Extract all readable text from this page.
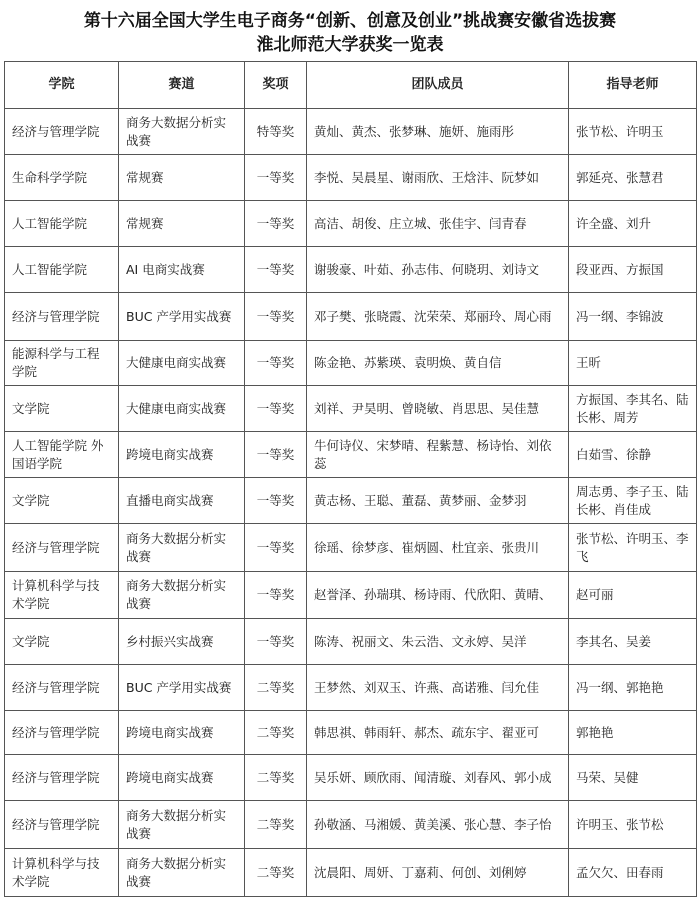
第十六届全国大学生电子商务“创新、创意及创业”挑战赛安徽省选拔赛
淮北师范大学获奖一览表
学院	赛道	奖项	团队成员	指导老师
经济与管理学院	商务大数据分析实战赛	特等奖	黄灿、黄杰、张梦琳、施妍、施雨彤	张节松、许明玉
生命科学学院	常规赛	一等奖	李悦、吴晨星、谢雨欣、王焓沣、阮梦如	郭延亮、张慧君
人工智能学院	常规赛	一等奖	高洁、胡俊、庄立城、张佳宇、闫青春	许全盛、刘升
人工智能学院	AI 电商实战赛	一等奖	谢骏豪、叶茹、孙志伟、何晓玥、刘诗文	段亚西、方振国
经济与管理学院	BUC 产学用实战赛	一等奖	邓子樊、张晓霞、沈荣荣、郑丽玲、周心雨	冯一纲、李锦波
能源科学与工程学院	大健康电商实战赛	一等奖	陈金艳、苏紫瑛、袁明焕、黄自信	王昕
文学院	大健康电商实战赛	一等奖	刘祥、尹昊明、曾晓敏、肖思思、吴佳慧	方振国、李其名、陆长彬、周芳
人工智能学院 外国语学院	跨境电商实战赛	一等奖	牛何诗仪、宋梦晴、程紫慧、杨诗怡、刘依蕊	白茹雪、徐静
文学院	直播电商实战赛	一等奖	黄志杨、王聪、董磊、黄梦丽、金梦羽	周志勇、李子玉、陆长彬、肖佳成
经济与管理学院	商务大数据分析实战赛	一等奖	徐瑶、徐梦彦、崔炳圆、杜宜亲、张贵川	张节松、许明玉、李飞
计算机科学与技术学院	商务大数据分析实战赛	一等奖	赵誉泽、孙瑞琪、杨诗雨、代欣阳、黄晴、	赵可丽
文学院	乡村振兴实战赛	一等奖	陈涛、祝丽文、朱云浩、文永婷、吴洋	李其名、吴姜
经济与管理学院	BUC 产学用实战赛	二等奖	王梦然、刘双玉、许燕、高诺雅、闫允佳	冯一纲、郭艳艳
经济与管理学院	跨境电商实战赛	二等奖	韩思祺、韩雨轩、郝杰、疏东宇、翟亚可	郭艳艳
经济与管理学院	跨境电商实战赛	二等奖	吴乐妍、顾欣雨、闻清璇、刘春风、郭小成	马荣、吴健
经济与管理学院	商务大数据分析实战赛	二等奖	孙敬涵、马湘媛、黄美溪、张心慧、李子怡	许明玉、张节松
计算机科学与技术学院	商务大数据分析实战赛	二等奖	沈晨阳、周妍、丁嘉莉、何创、刘俐婷	孟欠欠、田春雨
